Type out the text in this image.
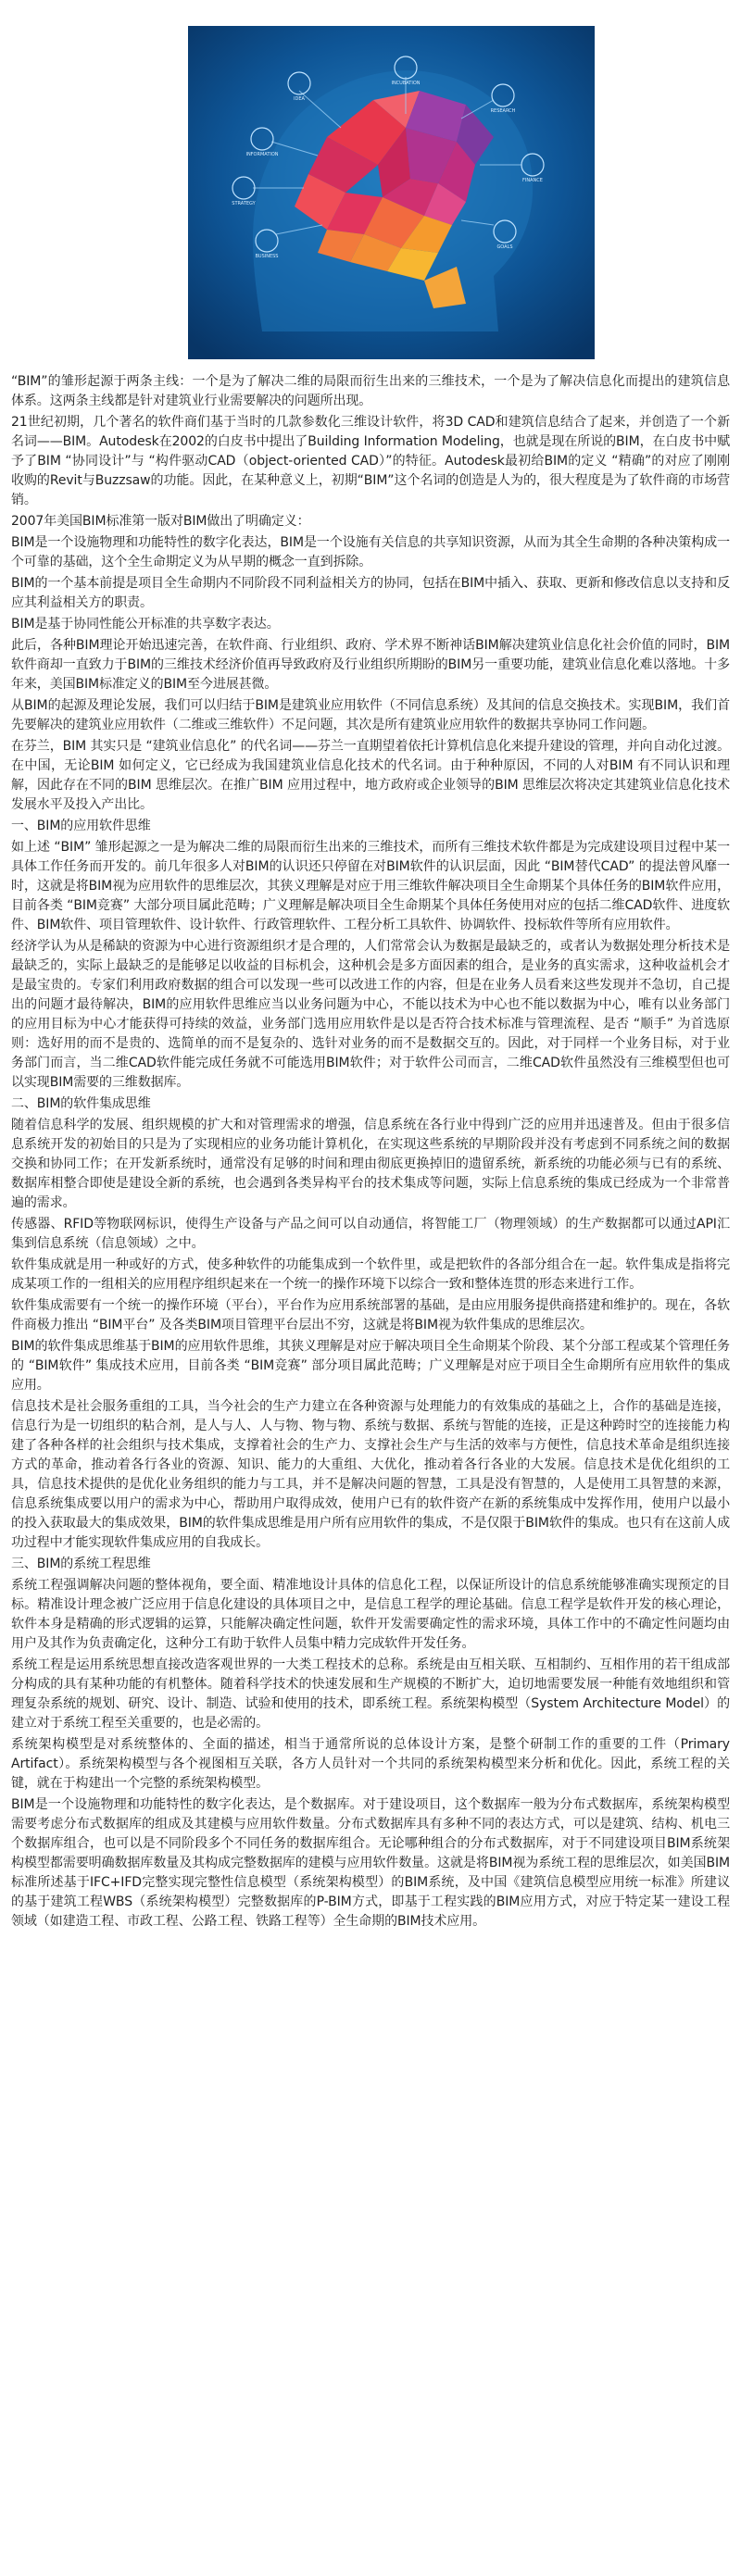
IDEA
INCUBATION
INFORMATION
STRATEGY
BUSINESS
RESEARCH
FINANCE
GOALS

“BIM”的雏形起源于两条主线：一个是为了解决二维的局限而衍生出来的三维技术，一个是为了解决信息化而提出的建筑信息体系。这两条主线都是针对建筑业行业需要解决的问题所出现。

21世纪初期，几个著名的软件商们基于当时的几款参数化三维设计软件，将3D CAD和建筑信息结合了起来，并创造了一个新名词——BIM。Autodesk在2002的白皮书中提出了Building Information Modeling，也就是现在所说的BIM，在白皮书中赋予了BIM “协同设计”与 “构件驱动CAD（object-oriented CAD）”的特征。Autodesk最初给BIM的定义 “精确”的对应了刚刚收购的Revit与Buzzsaw的功能。因此，在某种意义上，初期“BIM”这个名词的创造是人为的，很大程度是为了软件商的市场营销。

2007年美国BIM标准第一版对BIM做出了明确定义：

BIM是一个设施物理和功能特性的数字化表达，BIM是一个设施有关信息的共享知识资源，从而为其全生命期的各种决策构成一个可靠的基础，这个全生命期定义为从早期的概念一直到拆除。

BIM的一个基本前提是项目全生命期内不同阶段不同利益相关方的协同，包括在BIM中插入、获取、更新和修改信息以支持和反应其利益相关方的职责。

BIM是基于协同性能公开标准的共享数字表达。

此后，各种BIM理论开始迅速完善，在软件商、行业组织、政府、学术界不断神话BIM解决建筑业信息化社会价值的同时，BIM软件商却一直致力于BIM的三维技术经济价值再导致政府及行业组织所期盼的BIM另一重要功能，建筑业信息化难以落地。十多年来，美国BIM标准定义的BIM至今进展甚微。

从BIM的起源及理论发展，我们可以归结于BIM是建筑业应用软件（不同信息系统）及其间的信息交换技术。实现BIM，我们首先要解决的建筑业应用软件（二维或三维软件）不足问题，其次是所有建筑业应用软件的数据共享协同工作问题。

在芬兰，BIM 其实只是 “建筑业信息化” 的代名词——芬兰一直期望着依托计算机信息化来提升建设的管理，并向自动化过渡。在中国，无论BIM 如何定义，它已经成为我国建筑业信息化技术的代名词。由于种种原因，不同的人对BIM 有不同认识和理解，因此存在不同的BIM 思维层次。在推广BIM 应用过程中，地方政府或企业领导的BIM 思维层次将决定其建筑业信息化技术发展水平及投入产出比。

一、BIM的应用软件思维

如上述 “BIM” 雏形起源之一是为解决二维的局限而衍生出来的三维技术，而所有三维技术软件都是为完成建设项目过程中某一具体工作任务而开发的。前几年很多人对BIM的认识还只停留在对BIM软件的认识层面，因此 “BIM替代CAD” 的提法曾风靡一时，这就是将BIM视为应用软件的思维层次，其狭义理解是对应于用三维软件解决项目全生命期某个具体任务的BIM软件应用，目前各类 “BIM竞赛” 大部分项目属此范畴；广义理解是解决项目全生命期某个具体任务使用对应的包括二维CAD软件、进度软件、BIM软件、项目管理软件、设计软件、行政管理软件、工程分析工具软件、协调软件、投标软件等所有应用软件。

经济学认为从是稀缺的资源为中心进行资源组织才是合理的，人们常常会认为数据是最缺乏的，或者认为数据处理分析技术是最缺乏的，实际上最缺乏的是能够足以收益的目标机会，这种机会是多方面因素的组合，是业务的真实需求，这种收益机会才是最宝贵的。专家们利用政府数据的组合可以发现一些可以改进工作的内容，但是在业务人员看来这些发现并不急切，自己提出的问题才最待解决，BIM的应用软件思维应当以业务问题为中心，不能以技术为中心也不能以数据为中心，唯有以业务部门的应用目标为中心才能获得可持续的效益，业务部门选用应用软件是以是否符合技术标准与管理流程、是否 “顺手” 为首选原则：选好用的而不是贵的、选简单的而不是复杂的、选针对业务的而不是数据交互的。因此，对于同样一个业务目标，对于业务部门而言，当二维CAD软件能完成任务就不可能选用BIM软件；对于软件公司而言，二维CAD软件虽然没有三维模型但也可以实现BIM需要的三维数据库。

二、BIM的软件集成思维

随着信息科学的发展、组织规模的扩大和对管理需求的增强，信息系统在各行业中得到广泛的应用并迅速普及。但由于很多信息系统开发的初始目的只是为了实现相应的业务功能计算机化，在实现这些系统的早期阶段并没有考虑到不同系统之间的数据交换和协同工作；在开发新系统时，通常没有足够的时间和理由彻底更换掉旧的遗留系统，新系统的功能必须与已有的系统、数据库相整合即使是建设全新的系统，也会遇到各类异构平台的技术集成等问题，实际上信息系统的集成已经成为一个非常普遍的需求。

传感器、RFID等物联网标识，使得生产设备与产品之间可以自动通信，将智能工厂（物理领域）的生产数据都可以通过API汇集到信息系统（信息领域）之中。

软件集成就是用一种或好的方式，使多种软件的功能集成到一个软件里，或是把软件的各部分组合在一起。软件集成是指将完成某项工作的一组相关的应用程序组织起来在一个统一的操作环境下以综合一致和整体连贯的形态来进行工作。

软件集成需要有一个统一的操作环境（平台），平台作为应用系统部署的基础，是由应用服务提供商搭建和维护的。现在，各软件商极力推出 “BIM平台” 及各类BIM项目管理平台层出不穷，这就是将BIM视为软件集成的思维层次。

BIM的软件集成思维基于BIM的应用软件思维，其狭义理解是对应于解决项目全生命期某个阶段、某个分部工程或某个管理任务的 “BIM软件” 集成技术应用，目前各类 “BIM竞赛” 部分项目属此范畴；广义理解是对应于项目全生命期所有应用软件的集成应用。

信息技术是社会服务重组的工具，当今社会的生产力建立在各种资源与处理能力的有效集成的基础之上，合作的基础是连接，信息行为是一切组织的粘合剂，是人与人、人与物、物与物、系统与数据、系统与智能的连接，正是这种跨时空的连接能力构建了各种各样的社会组织与技术集成，支撑着社会的生产力、支撑社会生产与生活的效率与方便性，信息技术革命是组织连接方式的革命，推动着各行各业的资源、知识、能力的大重组、大优化，推动着各行各业的大发展。信息技术是优化组织的工具，信息技术提供的是优化业务组织的能力与工具，并不是解决问题的智慧，工具是没有智慧的，人是使用工具智慧的来源，信息系统集成要以用户的需求为中心，帮助用户取得成效，使用户已有的软件资产在新的系统集成中发挥作用，使用户以最小的投入获取最大的集成效果，BIM的软件集成思维是用户所有应用软件的集成，不是仅限于BIM软件的集成。也只有在这前人成功过程中才能实现软件集成应用的自我成长。

三、BIM的系统工程思维

系统工程强调解决问题的整体视角，要全面、精准地设计具体的信息化工程，以保证所设计的信息系统能够准确实现预定的目标。精准设计理念被广泛应用于信息化建设的具体项目之中，是信息工程学的理论基础。信息工程学是软件开发的核心理论，软件本身是精确的形式逻辑的运算，只能解决确定性问题，软件开发需要确定性的需求环境，具体工作中的不确定性问题均由用户及其作为负责确定化，这种分工有助于软件人员集中精力完成软件开发任务。

系统工程是运用系统思想直接改造客观世界的一大类工程技术的总称。系统是由互相关联、互相制约、互相作用的若干组成部分构成的具有某种功能的有机整体。随着科学技术的快速发展和生产规模的不断扩大，迫切地需要发展一种能有效地组织和管理复杂系统的规划、研究、设计、制造、试验和使用的技术，即系统工程。系统架构模型（System Architecture Model）的建立对于系统工程至关重要的，也是必需的。

系统架构模型是对系统整体的、全面的描述，相当于通常所说的总体设计方案，是整个研制工作的重要的工件（Primary Artifact）。系统架构模型与各个视图相互关联，各方人员针对一个共同的系统架构模型来分析和优化。因此，系统工程的关键，就在于构建出一个完整的系统架构模型。

BIM是一个设施物理和功能特性的数字化表达，是个数据库。对于建设项目，这个数据库一般为分布式数据库，系统架构模型需要考虑分布式数据库的组成及其建模与应用软件数量。分布式数据库具有多种不同的表达方式，可以是建筑、结构、机电三个数据库组合，也可以是不同阶段多个不同任务的数据库组合。无论哪种组合的分布式数据库，对于不同建设项目BIM系统架构模型都需要明确数据库数量及其构成完整数据库的建模与应用软件数量。这就是将BIM视为系统工程的思维层次，如美国BIM标准所述基于IFC+IFD完整实现完整性信息模型（系统架构模型）的BIM系统，及中国《建筑信息模型应用统一标准》所建议的基于建筑工程WBS（系统架构模型）完整数据库的P-BIM方式，即基于工程实践的BIM应用方式，对应于特定某一建设工程领域（如建造工程、市政工程、公路工程、铁路工程等）全生命期的BIM技术应用。
